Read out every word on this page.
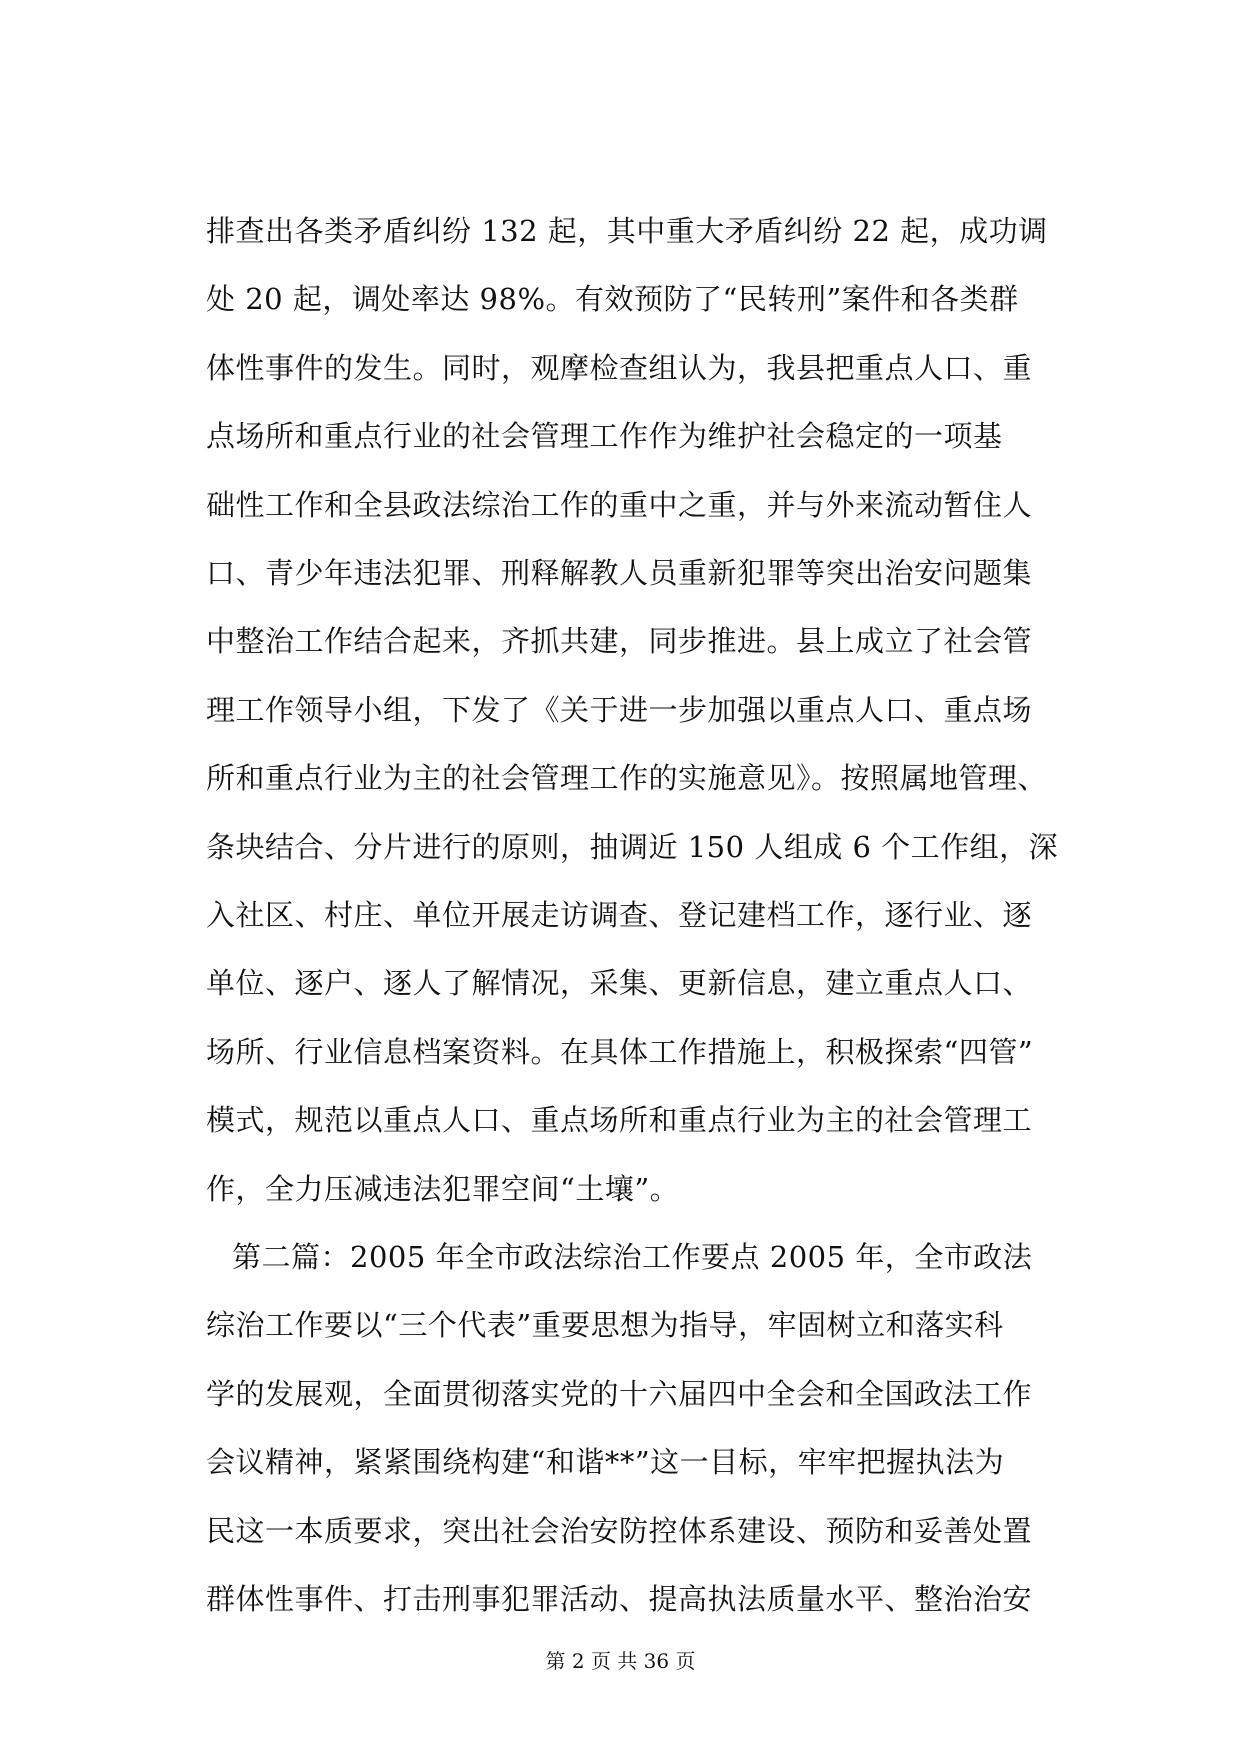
排查出各类矛盾纠纷 132 起，其中重大矛盾纠纷 22 起，成功调
处 20 起，调处率达 98%。有效预防了“民转刑”案件和各类群
体性事件的发生。同时，观摩检查组认为，我县把重点人口、重
点场所和重点行业的社会管理工作作为维护社会稳定的一项基
础性工作和全县政法综治工作的重中之重，并与外来流动暂住人
口、青少年违法犯罪、刑释解教人员重新犯罪等突出治安问题集
中整治工作结合起来，齐抓共建，同步推进。县上成立了社会管
理工作领导小组，下发了《关于进一步加强以重点人口、重点场
所和重点行业为主的社会管理工作的实施意见》。按照属地管理、
条块结合、分片进行的原则，抽调近 150 人组成 6 个工作组，深
入社区、村庄、单位开展走访调查、登记建档工作，逐行业、逐
单位、逐户、逐人了解情况，采集、更新信息，建立重点人口、
场所、行业信息档案资料。在具体工作措施上，积极探索“四管”
模式，规范以重点人口、重点场所和重点行业为主的社会管理工
作，全力压减违法犯罪空间“土壤”。
第二篇：2005 年全市政法综治工作要点 2005 年，全市政法
综治工作要以“三个代表”重要思想为指导，牢固树立和落实科
学的发展观，全面贯彻落实党的十六届四中全会和全国政法工作
会议精神，紧紧围绕构建“和谐**”这一目标，牢牢把握执法为
民这一本质要求，突出社会治安防控体系建设、预防和妥善处置
群体性事件、打击刑事犯罪活动、提高执法质量水平、整治治安
第 2 页 共 36 页
